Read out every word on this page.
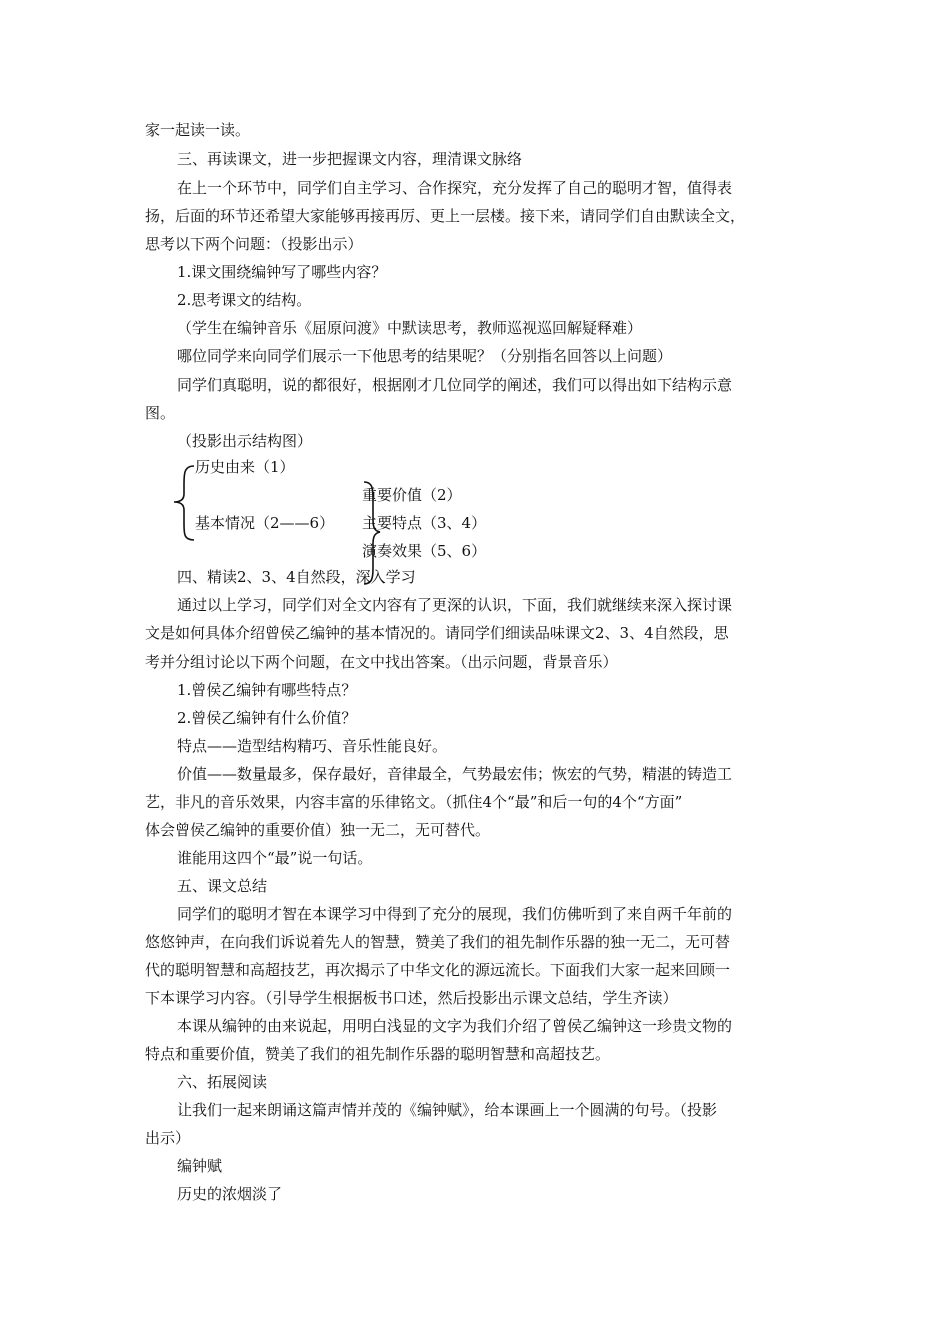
家一起读一读。
三、再读课文，进一步把握课文内容，理清课文脉络
在上一个环节中，同学们自主学习、合作探究，充分发挥了自己的聪明才智，值得表
扬，后面的环节还希望大家能够再接再厉、更上一层楼。接下来，请同学们自由默读全文，
思考以下两个问题：（投影出示）
1.课文围绕编钟写了哪些内容？
2.思考课文的结构。
（学生在编钟音乐《屈原问渡》中默读思考，教师巡视巡回解疑释难）
哪位同学来向同学们展示一下他思考的结果呢？（分别指名回答以上问题）
同学们真聪明，说的都很好，根据刚才几位同学的阐述，我们可以得出如下结构示意
图。
（投影出示结构图）
历史由来（1）
基本情况（2——6）
重要价值（2）
主要特点（3、4）
演奏效果（5、6）
四、精读2、3、4自然段，深入学习
通过以上学习，同学们对全文内容有了更深的认识，下面，我们就继续来深入探讨课
文是如何具体介绍曾侯乙编钟的基本情况的。请同学们细读品味课文2、3、4自然段，思
考并分组讨论以下两个问题，在文中找出答案。（出示问题，背景音乐）
1.曾侯乙编钟有哪些特点？
2.曾侯乙编钟有什么价值？
特点——造型结构精巧、音乐性能良好。
价值——数量最多，保存最好，音律最全，气势最宏伟；恢宏的气势，精湛的铸造工
艺，非凡的音乐效果，内容丰富的乐律铭文。（抓住4个“最”和后一句的4个“方面”
体会曾侯乙编钟的重要价值）独一无二，无可替代。
谁能用这四个“最”说一句话。
五、课文总结
同学们的聪明才智在本课学习中得到了充分的展现，我们仿佛听到了来自两千年前的
悠悠钟声，在向我们诉说着先人的智慧，赞美了我们的祖先制作乐器的独一无二，无可替
代的聪明智慧和高超技艺，再次揭示了中华文化的源远流长。下面我们大家一起来回顾一
下本课学习内容。（引导学生根据板书口述，然后投影出示课文总结，学生齐读）
本课从编钟的由来说起，用明白浅显的文字为我们介绍了曾侯乙编钟这一珍贵文物的
特点和重要价值，赞美了我们的祖先制作乐器的聪明智慧和高超技艺。
六、拓展阅读
让我们一起来朗诵这篇声情并茂的《编钟赋》，给本课画上一个圆满的句号。（投影
出示）
编钟赋
历史的浓烟淡了
